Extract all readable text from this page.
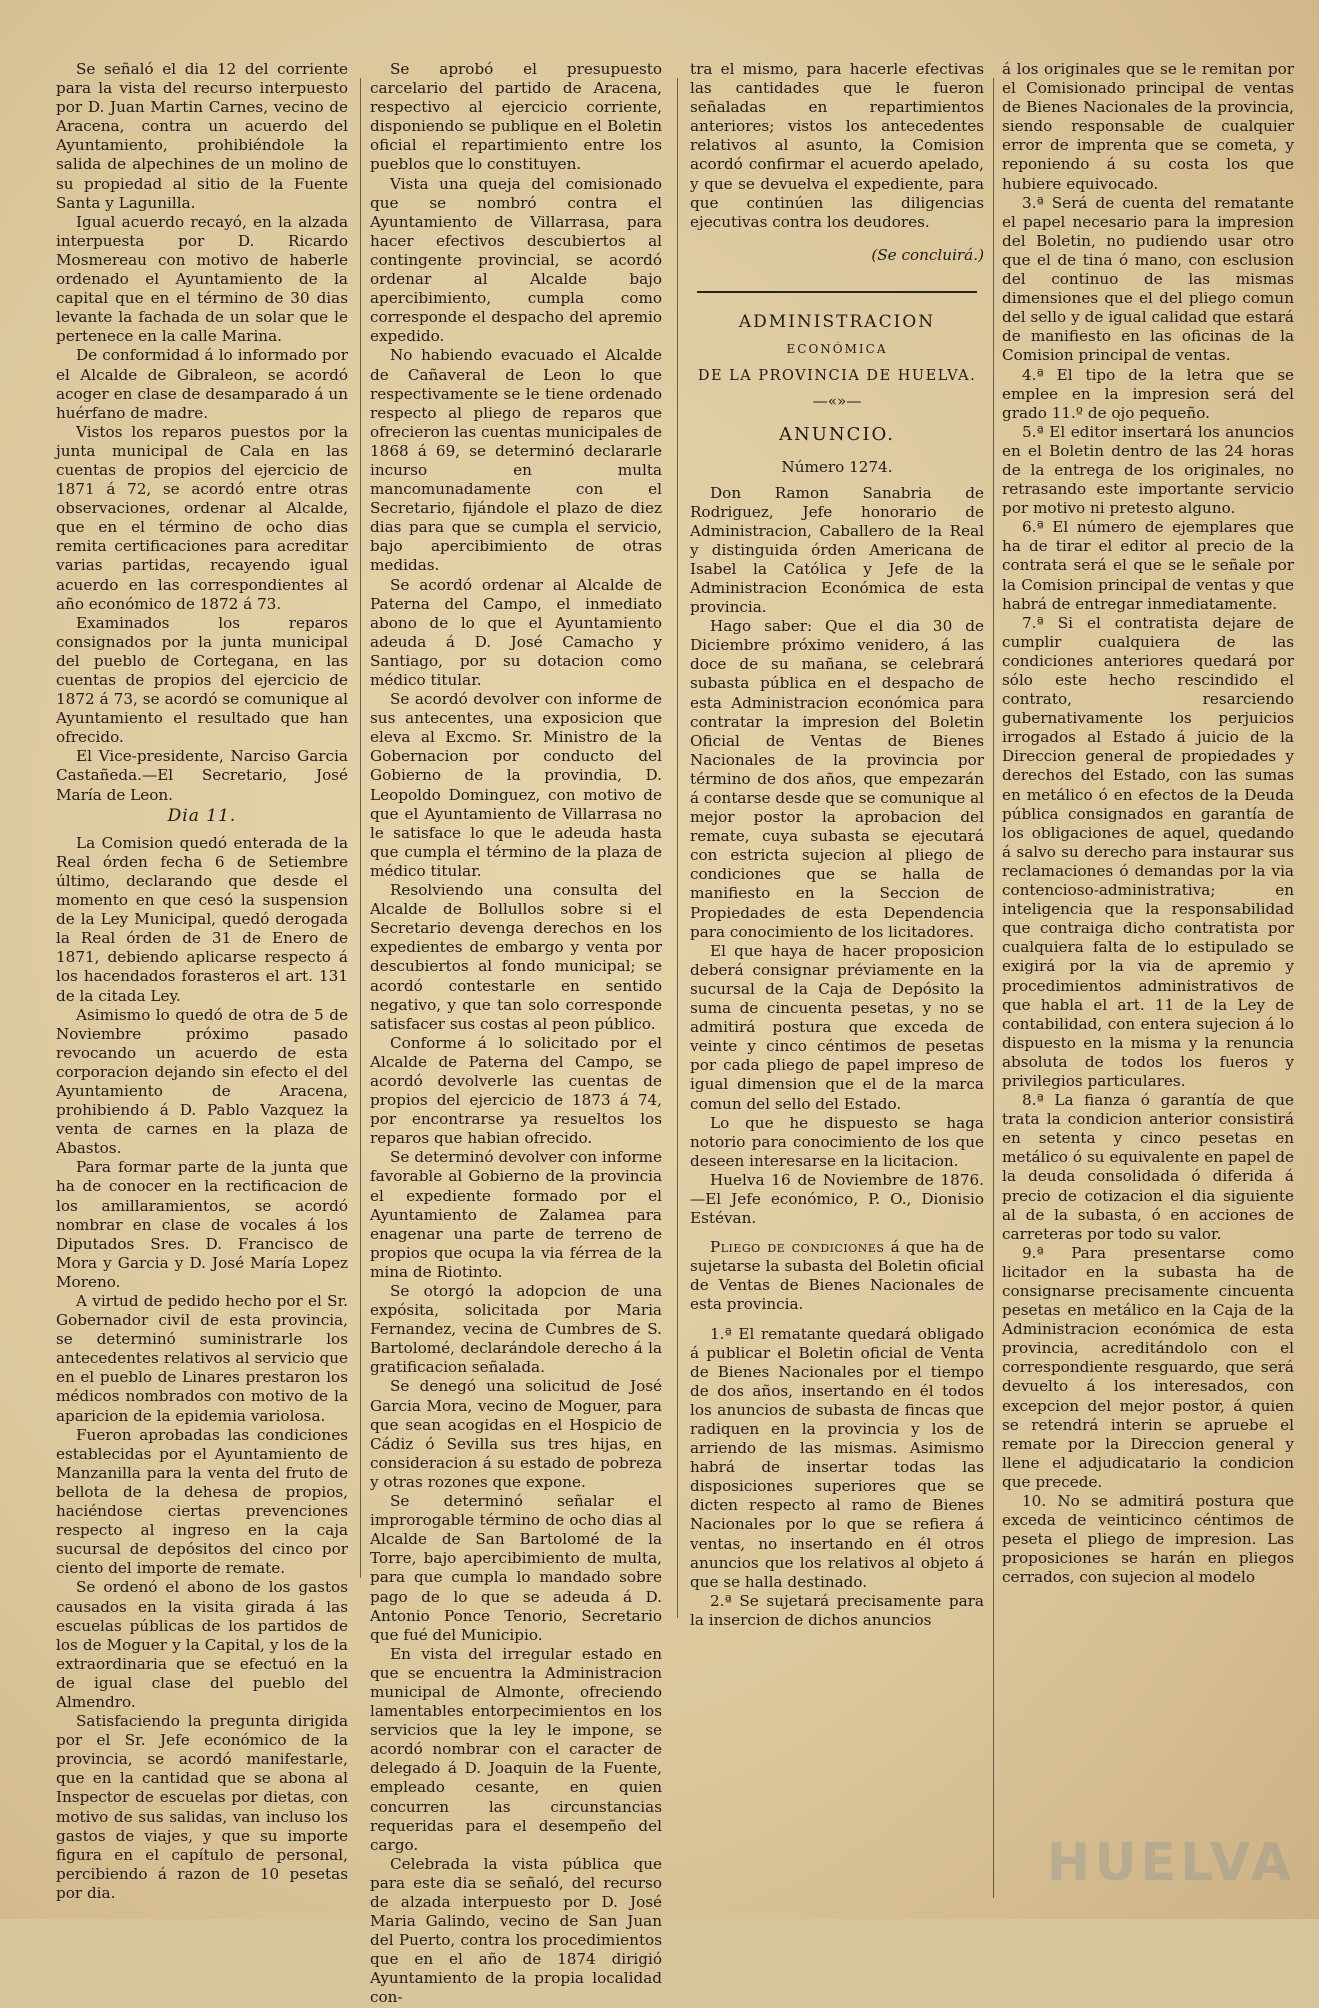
Se señaló el dia 12 del corriente para la vista del recurso interpuesto por D. Juan Martin Carnes, vecino de Aracena, contra un acuerdo del Ayuntamiento, prohibiéndole la salida de alpechines de un molino de su propiedad al sitio de la Fuente Santa y Lagunilla.

Igual acuerdo recayó, en la alzada interpuesta por D. Ricardo Mosmereau con motivo de haberle ordenado el Ayuntamiento de la capital que en el término de 30 dias levante la fachada de un solar que le pertenece en la calle Marina.

De conformidad á lo informado por el Alcalde de Gibraleon, se acordó acoger en clase de desamparado á un huérfano de madre.

Vistos los reparos puestos por la junta municipal de Cala en las cuentas de propios del ejercicio de 1871 á 72, se acordó entre otras observaciones, ordenar al Alcalde, que en el término de ocho dias remita certificaciones para acreditar varias partidas, recayendo igual acuerdo en las correspondientes al año económico de 1872 á 73.

Examinados los reparos consignados por la junta municipal del pueblo de Cortegana, en las cuentas de propios del ejercicio de 1872 á 73, se acordó se comunique al Ayuntamiento el resultado que han ofrecido.

El Vice-presidente, Narciso Garcia Castañeda.—El Secretario, José María de Leon.

Dia 11.

La Comision quedó enterada de la Real órden fecha 6 de Setiembre último, declarando que desde el momento en que cesó la suspension de la Ley Municipal, quedó derogada la Real órden de 31 de Enero de 1871, debiendo aplicarse respecto á los hacendados forasteros el art. 131 de la citada Ley.

Asimismo lo quedó de otra de 5 de Noviembre próximo pasado revocando un acuerdo de esta corporacion dejando sin efecto el del Ayuntamiento de Aracena, prohibiendo á D. Pablo Vazquez la venta de carnes en la plaza de Abastos.

Para formar parte de la junta que ha de conocer en la rectificacion de los amillaramientos, se acordó nombrar en clase de vocales á los Diputados Sres. D. Francisco de Mora y Garcia y D. José María Lopez Moreno.

A virtud de pedido hecho por el Sr. Gobernador civil de esta provincia, se determinó suministrarle los antecedentes relativos al servicio que en el pueblo de Linares prestaron los médicos nombrados con motivo de la aparicion de la epidemia variolosa.

Fueron aprobadas las condiciones establecidas por el Ayuntamiento de Manzanilla para la venta del fruto de bellota de la dehesa de propios, haciéndose ciertas prevenciones respecto al ingreso en la caja sucursal de depósitos del cinco por ciento del importe de remate.

Se ordenó el abono de los gastos causados en la visita girada á las escuelas públicas de los partidos de los de Moguer y la Capital, y los de la extraordinaria que se efectuó en la de igual clase del pueblo del Almendro.

Satisfaciendo la pregunta dirigida por el Sr. Jefe económico de la provincia, se acordó manifestarle, que en la cantidad que se abona al Inspector de escuelas por dietas, con motivo de sus salidas, van incluso los gastos de viajes, y que su importe figura en el capítulo de personal, percibiendo á razon de 10 pesetas por dia.

Se aprobó el presupuesto carcelario del partido de Aracena, respectivo al ejercicio corriente, disponiendo se publique en el Boletin oficial el repartimiento entre los pueblos que lo constituyen.

Vista una queja del comisionado que se nombró contra el Ayuntamiento de Villarrasa, para hacer efectivos descubiertos al contingente provincial, se acordó ordenar al Alcalde bajo apercibimiento, cumpla como corresponde el despacho del apremio expedido.

No habiendo evacuado el Alcalde de Cañaveral de Leon lo que respectivamente se le tiene ordenado respecto al pliego de reparos que ofrecieron las cuentas municipales de 1868 á 69, se determinó declararle incurso en multa mancomunadamente con el Secretario, fijándole el plazo de diez dias para que se cumpla el servicio, bajo apercibimiento de otras medidas.

Se acordó ordenar al Alcalde de Paterna del Campo, el inmediato abono de lo que el Ayuntamiento adeuda á D. José Camacho y Santiago, por su dotacion como médico titular.

Se acordó devolver con informe de sus antecentes, una exposicion que eleva al Excmo. Sr. Ministro de la Gobernacion por conducto del Gobierno de la provindia, D. Leopoldo Dominguez, con motivo de que el Ayuntamiento de Villarrasa no le satisface lo que le adeuda hasta que cumpla el término de la plaza de médico titular.

Resolviendo una consulta del Alcalde de Bollullos sobre si el Secretario devenga derechos en los expedientes de embargo y venta por descubiertos al fondo municipal; se acordó contestarle en sentido negativo, y que tan solo corresponde satisfacer sus costas al peon público.

Conforme á lo solicitado por el Alcalde de Paterna del Campo, se acordó devolverle las cuentas de propios del ejercicio de 1873 á 74, por encontrarse ya resueltos los reparos que habian ofrecido.

Se determinó devolver con informe favorable al Gobierno de la provincia el expediente formado por el Ayuntamiento de Zalamea para enagenar una parte de terreno de propios que ocupa la via férrea de la mina de Riotinto.

Se otorgó la adopcion de una expósita, solicitada por Maria Fernandez, vecina de Cumbres de S. Bartolomé, declarándole derecho á la gratificacion señalada.

Se denegó una solicitud de José Garcia Mora, vecino de Moguer, para que sean acogidas en el Hospicio de Cádiz ó Sevilla sus tres hijas, en consideracion á su estado de pobreza y otras rozones que expone.

Se determinó señalar el improrogable término de ocho dias al Alcalde de San Bartolomé de la Torre, bajo apercibimiento de multa, para que cumpla lo mandado sobre pago de lo que se adeuda á D. Antonio Ponce Tenorio, Secretario que fué del Municipio.

En vista del irregular estado en que se encuentra la Administracion municipal de Almonte, ofreciendo lamentables entorpecimientos en los servicios que la ley le impone, se acordó nombrar con el caracter de delegado á D. Joaquin de la Fuente, empleado cesante, en quien concurren las circunstancias requeridas para el desempeño del cargo.

Celebrada la vista pública que para este dia se señaló, del recurso de alzada interpuesto por D. José Maria Galindo, vecino de San Juan del Puerto, contra los procedimientos que en el año de 1874 dirigió Ayuntamiento de la propia localidad con-

tra el mismo, para hacerle efectivas las cantidades que le fueron señaladas en repartimientos anteriores; vistos los antecedentes relativos al asunto, la Comision acordó confirmar el acuerdo apelado, y que se devuelva el expediente, para que continúen las diligencias ejecutivas contra los deudores.

(Se concluirá.)
ADMINISTRACION
ECONÓMICA
DE LA PROVINCIA DE HUELVA.
—«»—
ANUNCIO.
Número 1274.

Don Ramon Sanabria de Rodriguez, Jefe honorario de Administracion, Caballero de la Real y distinguida órden Americana de Isabel la Católica y Jefe de la Administracion Económica de esta provincia.

Hago saber: Que el dia 30 de Diciembre próximo venidero, á las doce de su mañana, se celebrará subasta pública en el despacho de esta Administracion económica para contratar la impresion del Boletin Oficial de Ventas de Bienes Nacionales de la provincia por término de dos años, que empezarán á contarse desde que se comunique al mejor postor la aprobacion del remate, cuya subasta se ejecutará con estricta sujecion al pliego de condiciones que se halla de manifiesto en la Seccion de Propiedades de esta Dependencia para conocimiento de los licitadores.

El que haya de hacer proposicion deberá consignar préviamente en la sucursal de la Caja de Depósito la suma de cincuenta pesetas, y no se admitirá postura que exceda de veinte y cinco céntimos de pesetas por cada pliego de papel impreso de igual dimension que el de la marca comun del sello del Estado.

Lo que he dispuesto se haga notorio para conocimiento de los que deseen interesarse en la licitacion.

Huelva 16 de Noviembre de 1876. —El Jefe económico, P. O., Dionisio Estévan.

Pliego de condiciones á que ha de sujetarse la subasta del Boletin oficial de Ventas de Bienes Nacionales de esta provincia.

1.ª El rematante quedará obligado á publicar el Boletin oficial de Venta de Bienes Nacionales por el tiempo de dos años, insertando en él todos los anuncios de subasta de fincas que radiquen en la provincia y los de arriendo de las mismas. Asimismo habrá de insertar todas las disposiciones superiores que se dicten respecto al ramo de Bienes Nacionales por lo que se refiera á ventas, no insertando en él otros anuncios que los relativos al objeto á que se halla destinado.

2.ª Se sujetará precisamente para la insercion de dichos anuncios

á los originales que se le remitan por el Comisionado principal de ventas de Bienes Nacionales de la provincia, siendo responsable de cualquier error de imprenta que se cometa, y reponiendo á su costa los que hubiere equivocado.

3.ª Será de cuenta del rematante el papel necesario para la impresion del Boletin, no pudiendo usar otro que el de tina ó mano, con esclusion del continuo de las mismas dimensiones que el del pliego comun del sello y de igual calidad que estará de manifiesto en las oficinas de la Comision principal de ventas.

4.ª El tipo de la letra que se emplee en la impresion será del grado 11.º de ojo pequeño.

5.ª El editor insertará los anuncios en el Boletin dentro de las 24 horas de la entrega de los originales, no retrasando este importante servicio por motivo ni pretesto alguno.

6.ª El número de ejemplares que ha de tirar el editor al precio de la contrata será el que se le señale por la Comision principal de ventas y que habrá de entregar inmediatamente.

7.ª Si el contratista dejare de cumplir cualquiera de las condiciones anteriores quedará por sólo este hecho rescindido el contrato, resarciendo gubernativamente los perjuicios irrogados al Estado á juicio de la Direccion general de propiedades y derechos del Estado, con las sumas en metálico ó en efectos de la Deuda pública consignados en garantía de los obligaciones de aquel, quedando á salvo su derecho para instaurar sus reclamaciones ó demandas por la via contencioso-administrativa; en inteligencia que la responsabilidad que contraiga dicho contratista por cualquiera falta de lo estipulado se exigirá por la via de apremio y procedimientos administrativos de que habla el art. 11 de la Ley de contabilidad, con entera sujecion á lo dispuesto en la misma y la renuncia absoluta de todos los fueros y privilegios particulares.

8.ª La fianza ó garantía de que trata la condicion anterior consistirá en setenta y cinco pesetas en metálico ó su equivalente en papel de la deuda consolidada ó diferida á precio de cotizacion el dia siguiente al de la subasta, ó en acciones de carreteras por todo su valor.

9.ª Para presentarse como licitador en la subasta ha de consignarse precisamente cincuenta pesetas en metálico en la Caja de la Administracion económica de esta provincia, acreditándolo con el correspondiente resguardo, que será devuelto á los interesados, con excepcion del mejor postor, á quien se retendrá interin se apruebe el remate por la Direccion general y llene el adjudicatario la condicion que precede.

10. No se admitirá postura que exceda de veinticinco céntimos de peseta el pliego de impresion. Las proposiciones se harán en pliegos cerrados, con sujecion al modelo

HUELVA
